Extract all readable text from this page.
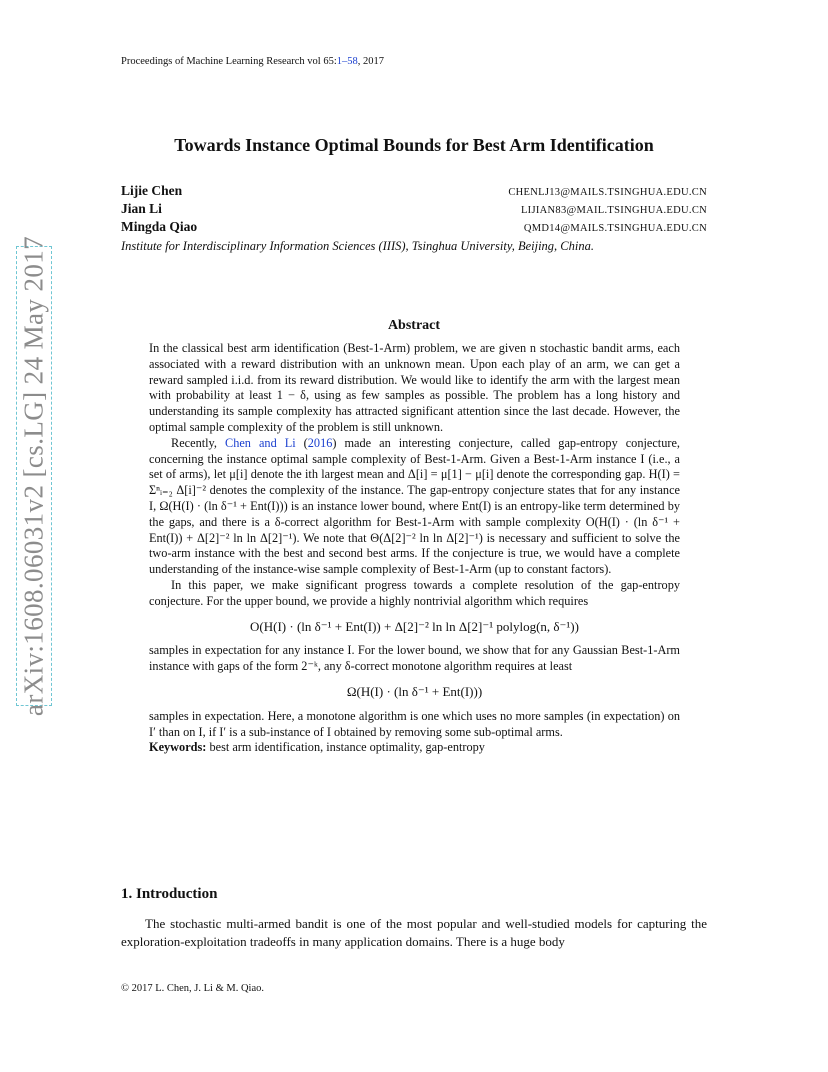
Proceedings of Machine Learning Research vol 65:1–58, 2017
arXiv:1608.06031v2 [cs.LG] 24 May 2017
Towards Instance Optimal Bounds for Best Arm Identification
Lijie Chen	CHENLJ13@MAILS.TSINGHUA.EDU.CN
Jian Li	LIJIAN83@MAIL.TSINGHUA.EDU.CN
Mingda Qiao	QMD14@MAILS.TSINGHUA.EDU.CN
Institute for Interdisciplinary Information Sciences (IIIS), Tsinghua University, Beijing, China.
Abstract

In the classical best arm identification (Best-1-Arm) problem, we are given n stochastic bandit arms, each associated with a reward distribution with an unknown mean. Upon each play of an arm, we can get a reward sampled i.i.d. from its reward distribution. We would like to identify the arm with the largest mean with probability at least 1 − δ, using as few samples as possible. The problem has a long history and understanding its sample complexity has attracted significant attention since the last decade. However, the optimal sample complexity of the problem is still unknown.

Recently, Chen and Li (2016) made an interesting conjecture, called gap-entropy conjecture, concerning the instance optimal sample complexity of Best-1-Arm. Given a Best-1-Arm instance I (i.e., a set of arms), let μ[i] denote the ith largest mean and Δ[i] = μ[1] − μ[i] denote the corresponding gap. H(I) = Σⁿᵢ₌₂ Δ[i]⁻² denotes the complexity of the instance. The gap-entropy conjecture states that for any instance I, Ω(H(I) · (ln δ⁻¹ + Ent(I))) is an instance lower bound, where Ent(I) is an entropy-like term determined by the gaps, and there is a δ-correct algorithm for Best-1-Arm with sample complexity O(H(I) · (ln δ⁻¹ + Ent(I)) + Δ[2]⁻² ln ln Δ[2]⁻¹). We note that Θ(Δ[2]⁻² ln ln Δ[2]⁻¹) is necessary and sufficient to solve the two-arm instance with the best and second best arms. If the conjecture is true, we would have a complete understanding of the instance-wise sample complexity of Best-1-Arm (up to constant factors).

In this paper, we make significant progress towards a complete resolution of the gap-entropy conjecture. For the upper bound, we provide a highly nontrivial algorithm which requires

O(H(I) · (ln δ⁻¹ + Ent(I)) + Δ[2]⁻² ln ln Δ[2]⁻¹ polylog(n, δ⁻¹))

samples in expectation for any instance I. For the lower bound, we show that for any Gaussian Best-1-Arm instance with gaps of the form 2⁻ᵏ, any δ-correct monotone algorithm requires at least

Ω(H(I) · (ln δ⁻¹ + Ent(I)))

samples in expectation. Here, a monotone algorithm is one which uses no more samples (in expectation) on I′ than on I, if I′ is a sub-instance of I obtained by removing some sub-optimal arms.

Keywords: best arm identification, instance optimality, gap-entropy

1. Introduction

The stochastic multi-armed bandit is one of the most popular and well-studied models for capturing the exploration-exploitation tradeoffs in many application domains. There is a huge body

© 2017 L. Chen, J. Li & M. Qiao.
